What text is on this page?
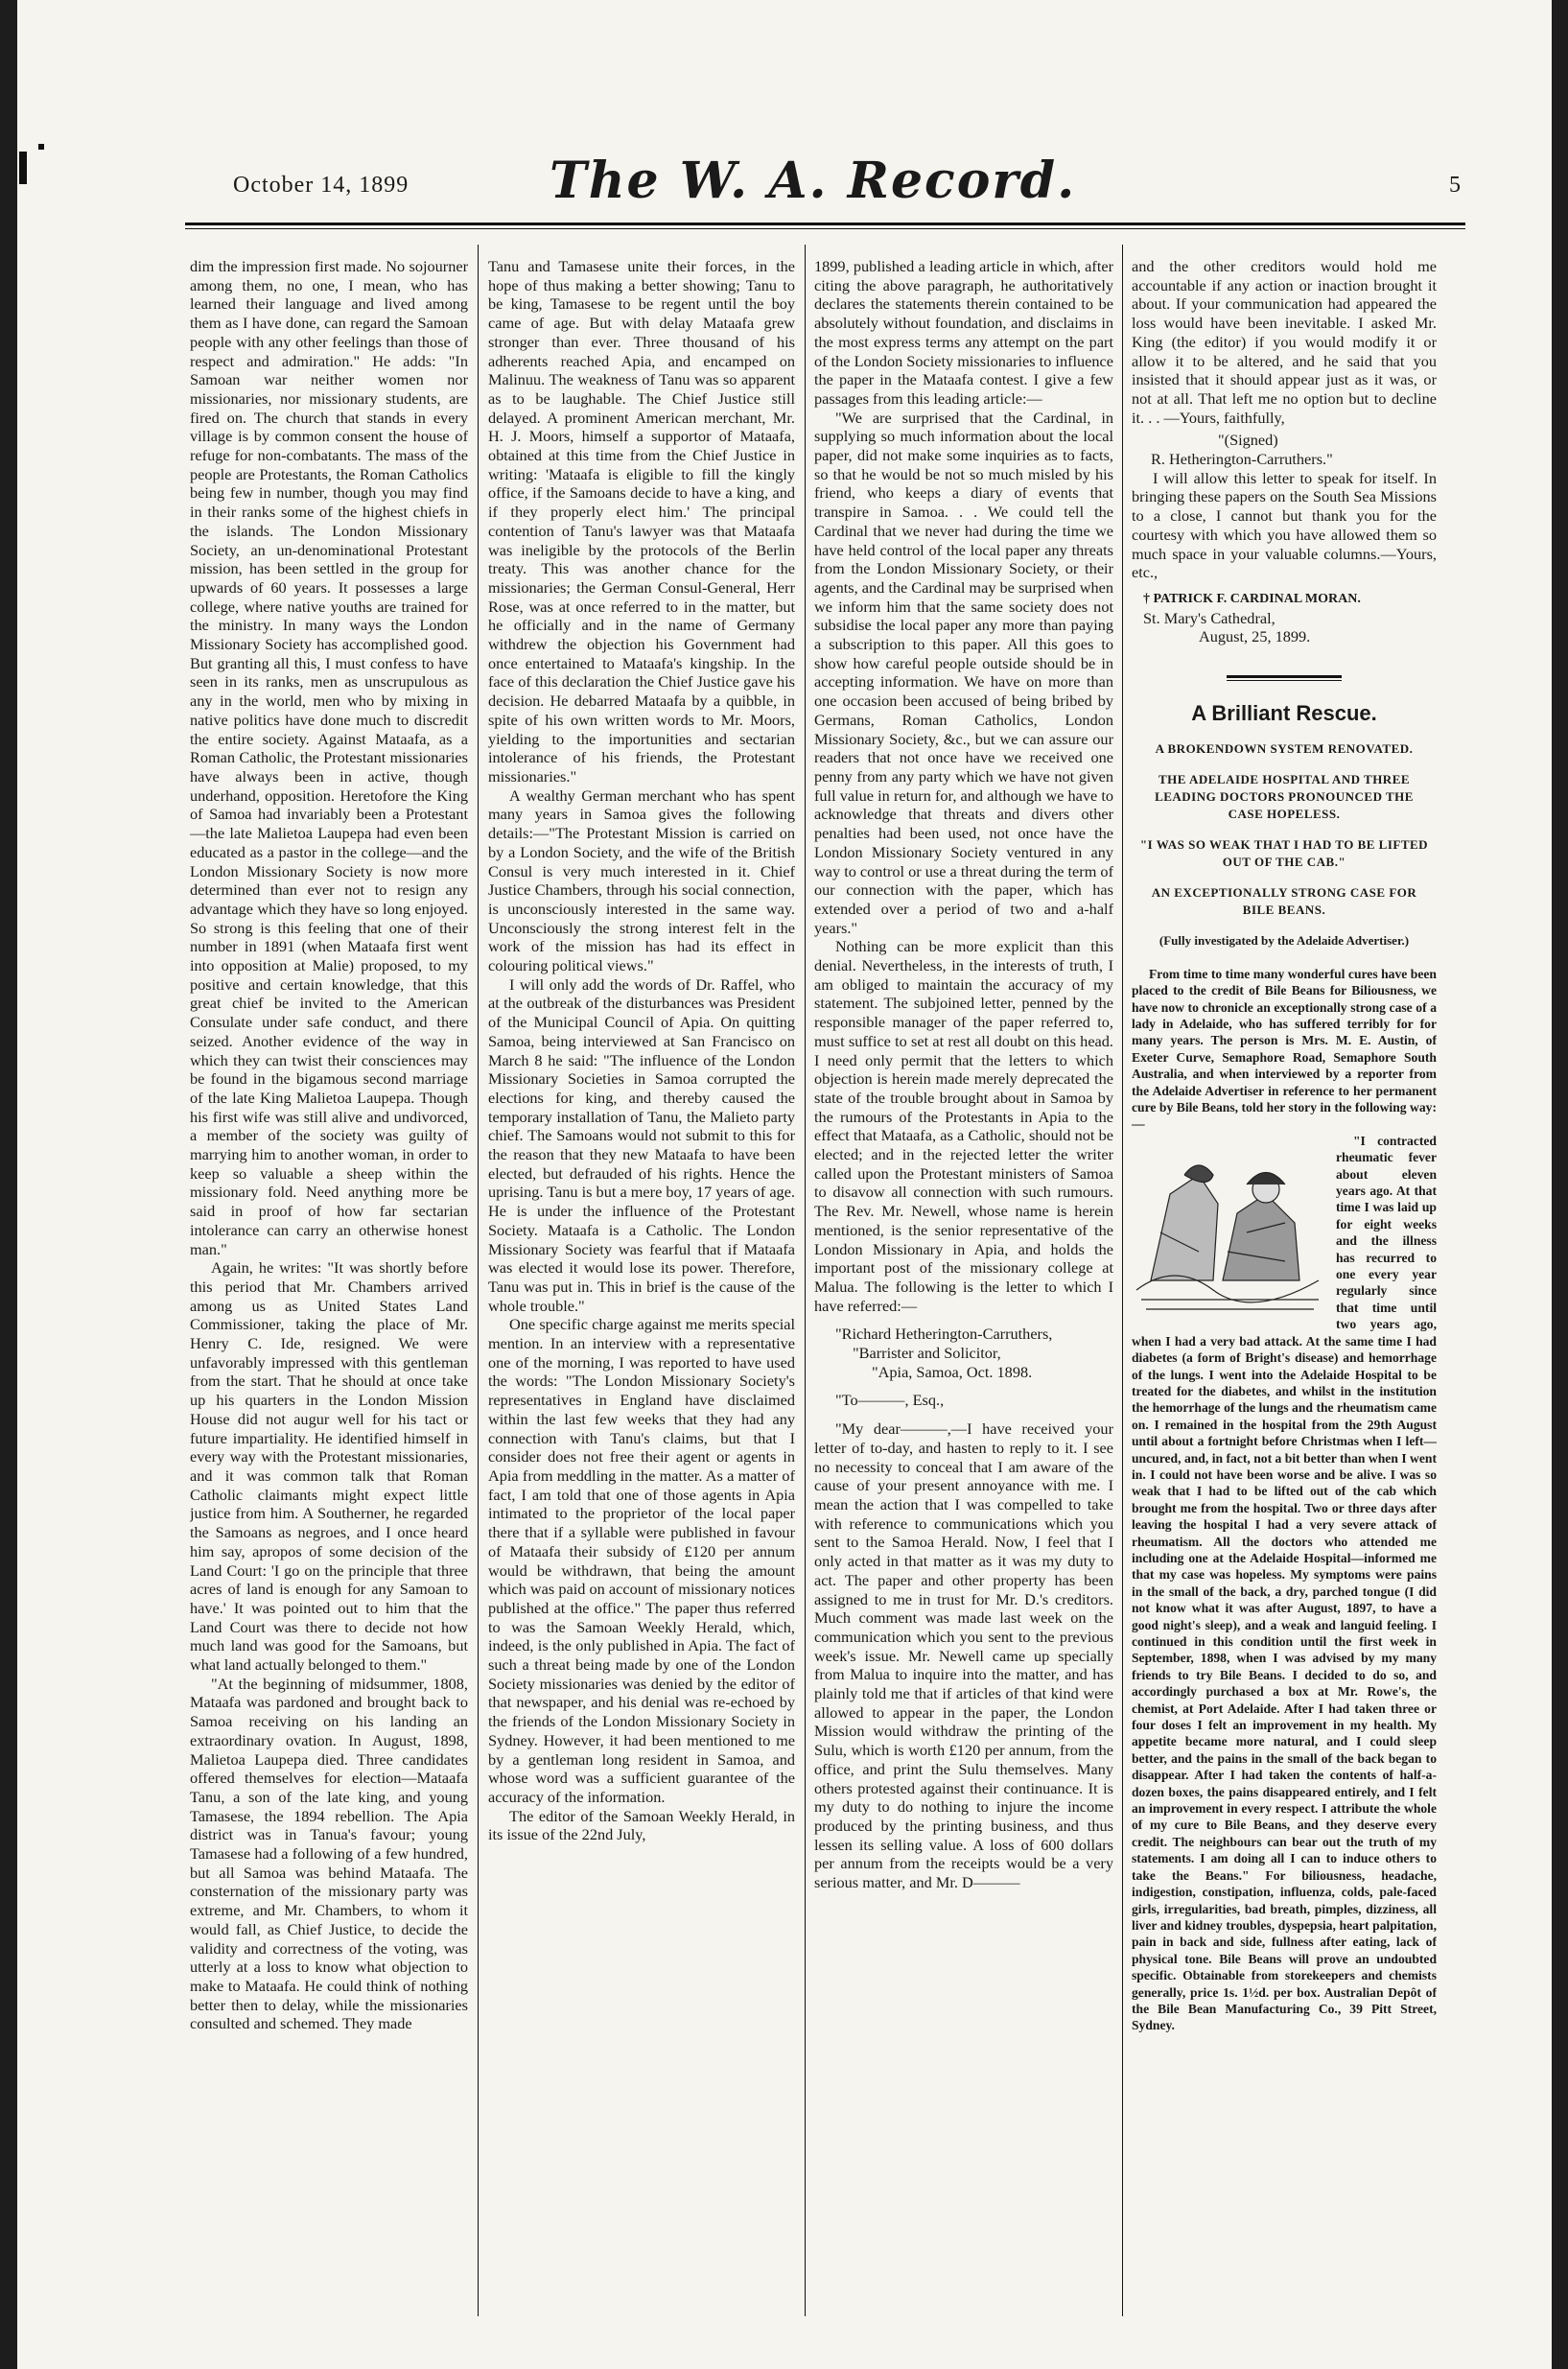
October 14, 1899	The W. A. Record.	5

dim the impression first made. No sojourner among them, no one, I mean, who has learned their language and lived among them as I have done, can regard the Samoan people with any other feelings than those of respect and admiration." He adds: "In Samoan war neither women nor missionaries, nor missionary students, are fired on. The church that stands in every village is by common consent the house of refuge for non-combatants. The mass of the people are Protestants, the Roman Catholics being few in number, though you may find in their ranks some of the highest chiefs in the islands. The London Missionary Society, an un-denominational Protestant mission, has been settled in the group for upwards of 60 years. It possesses a large college, where native youths are trained for the ministry. In many ways the London Missionary Society has accomplished good. But granting all this, I must confess to have seen in its ranks, men as unscrupulous as any in the world, men who by mixing in native politics have done much to discredit the entire society. Against Mataafa, as a Roman Catholic, the Protestant missionaries have always been in active, though underhand, opposition. Heretofore the King of Samoa had invariably been a Protestant—the late Malietoa Laupepa had even been educated as a pastor in the college—and the London Missionary Society is now more determined than ever not to resign any advantage which they have so long enjoyed. So strong is this feeling that one of their number in 1891 (when Mataafa first went into opposition at Malie) proposed, to my positive and certain knowledge, that this great chief be invited to the American Consulate under safe conduct, and there seized. Another evidence of the way in which they can twist their consciences may be found in the bigamous second marriage of the late King Malietoa Laupepa. Though his first wife was still alive and undivorced, a member of the society was guilty of marrying him to another woman, in order to keep so valuable a sheep within the missionary fold. Need anything more be said in proof of how far sectarian intolerance can carry an otherwise honest man."

Again, he writes: "It was shortly before this period that Mr. Chambers arrived among us as United States Land Commissioner, taking the place of Mr. Henry C. Ide, resigned. We were unfavorably impressed with this gentleman from the start. That he should at once take up his quarters in the London Mission House did not augur well for his tact or future impartiality. He identified himself in every way with the Protestant missionaries, and it was common talk that Roman Catholic claimants might expect little justice from him. A Southerner, he regarded the Samoans as negroes, and I once heard him say, apropos of some decision of the Land Court: 'I go on the principle that three acres of land is enough for any Samoan to have.' It was pointed out to him that the Land Court was there to decide not how much land was good for the Samoans, but what land actually belonged to them."

"At the beginning of midsummer, 1808, Mataafa was pardoned and brought back to Samoa receiving on his landing an extraordinary ovation. In August, 1898, Malietoa Laupepa died. Three candidates offered themselves for election—Mataafa Tanu, a son of the late king, and young Tamasese, the 1894 rebellion. The Apia district was in Tanua's favour; young Tamasese had a following of a few hundred, but all Samoa was behind Mataafa. The consternation of the missionary party was extreme, and Mr. Chambers, to whom it would fall, as Chief Justice, to decide the validity and correctness of the voting, was utterly at a loss to know what objection to make to Mataafa. He could think of nothing better then to delay, while the missionaries consulted and schemed. They made

Tanu and Tamasese unite their forces, in the hope of thus making a better showing; Tanu to be king, Tamasese to be regent until the boy came of age. But with delay Mataafa grew stronger than ever. Three thousand of his adherents reached Apia, and encamped on Malinuu. The weakness of Tanu was so apparent as to be laughable. The Chief Justice still delayed. A prominent American merchant, Mr. H. J. Moors, himself a supportor of Mataafa, obtained at this time from the Chief Justice in writing: 'Mataafa is eligible to fill the kingly office, if the Samoans decide to have a king, and if they properly elect him.' The principal contention of Tanu's lawyer was that Mataafa was ineligible by the protocols of the Berlin treaty. This was another chance for the missionaries; the German Consul-General, Herr Rose, was at once referred to in the matter, but he officially and in the name of Germany withdrew the objection his Government had once entertained to Mataafa's kingship. In the face of this declaration the Chief Justice gave his decision. He debarred Mataafa by a quibble, in spite of his own written words to Mr. Moors, yielding to the importunities and sectarian intolerance of his friends, the Protestant missionaries."

A wealthy German merchant who has spent many years in Samoa gives the following details:—"The Protestant Mission is carried on by a London Society, and the wife of the British Consul is very much interested in it. Chief Justice Chambers, through his social connection, is unconsciously interested in the same way. Unconsciously the strong interest felt in the work of the mission has had its effect in colouring political views."

I will only add the words of Dr. Raffel, who at the outbreak of the disturbances was President of the Municipal Council of Apia. On quitting Samoa, being interviewed at San Francisco on March 8 he said: "The influence of the London Missionary Societies in Samoa corrupted the elections for king, and thereby caused the temporary installation of Tanu, the Malieto party chief. The Samoans would not submit to this for the reason that they new Mataafa to have been elected, but defrauded of his rights. Hence the uprising. Tanu is but a mere boy, 17 years of age. He is under the influence of the Protestant Society. Mataafa is a Catholic. The London Missionary Society was fearful that if Mataafa was elected it would lose its power. Therefore, Tanu was put in. This in brief is the cause of the whole trouble."

One specific charge against me merits special mention. In an interview with a representative one of the morning, I was reported to have used the words: "The London Missionary Society's representatives in England have disclaimed within the last few weeks that they had any connection with Tanu's claims, but that I consider does not free their agent or agents in Apia from meddling in the matter. As a matter of fact, I am told that one of those agents in Apia intimated to the proprietor of the local paper there that if a syllable were published in favour of Mataafa their subsidy of £120 per annum would be withdrawn, that being the amount which was paid on account of missionary notices published at the office." The paper thus referred to was the Samoan Weekly Herald, which, indeed, is the only published in Apia. The fact of such a threat being made by one of the London Society missionaries was denied by the editor of that newspaper, and his denial was re-echoed by the friends of the London Missionary Society in Sydney. However, it had been mentioned to me by a gentleman long resident in Samoa, and whose word was a sufficient guarantee of the accuracy of the information.

The editor of the Samoan Weekly Herald, in its issue of the 22nd July,

1899, published a leading article in which, after citing the above paragraph, he authoritatively declares the statements therein contained to be absolutely without foundation, and disclaims in the most express terms any attempt on the part of the London Society missionaries to influence the paper in the Mataafa contest. I give a few passages from this leading article:—

"We are surprised that the Cardinal, in supplying so much information about the local paper, did not make some inquiries as to facts, so that he would be not so much misled by his friend, who keeps a diary of events that transpire in Samoa. . . We could tell the Cardinal that we never had during the time we have held control of the local paper any threats from the London Missionary Society, or their agents, and the Cardinal may be surprised when we inform him that the same society does not subsidise the local paper any more than paying a subscription to this paper. All this goes to show how careful people outside should be in accepting information. We have on more than one occasion been accused of being bribed by Germans, Roman Catholics, London Missionary Society, &c., but we can assure our readers that not once have we received one penny from any party which we have not given full value in return for, and although we have to acknowledge that threats and divers other penalties had been used, not once have the London Missionary Society ventured in any way to control or use a threat during the term of our connection with the paper, which has extended over a period of two and a-half years."

Nothing can be more explicit than this denial. Nevertheless, in the interests of truth, I am obliged to maintain the accuracy of my statement. The subjoined letter, penned by the responsible manager of the paper referred to, must suffice to set at rest all doubt on this head. I need only permit that the letters to which objection is herein made merely deprecated the state of the trouble brought about in Samoa by the rumours of the Protestants in Apia to the effect that Mataafa, as a Catholic, should not be elected; and in the rejected letter the writer called upon the Protestant ministers of Samoa to disavow all connection with such rumours. The Rev. Mr. Newell, whose name is herein mentioned, is the senior representative of the London Missionary in Apia, and holds the important post of the missionary college at Malua. The following is the letter to which I have referred:—

"Richard Hetherington-Carruthers,

"Barrister and Solicitor,

"Apia, Samoa, Oct. 1898.

"To———, Esq.,

"My dear———,—I have received your letter of to-day, and hasten to reply to it. I see no necessity to conceal that I am aware of the cause of your present annoyance with me. I mean the action that I was compelled to take with reference to communications which you sent to the Samoa Herald. Now, I feel that I only acted in that matter as it was my duty to act. The paper and other property has been assigned to me in trust for Mr. D.'s creditors. Much comment was made last week on the communication which you sent to the previous week's issue. Mr. Newell came up specially from Malua to inquire into the matter, and has plainly told me that if articles of that kind were allowed to appear in the paper, the London Mission would withdraw the printing of the Sulu, which is worth £120 per annum, from the office, and print the Sulu themselves. Many others protested against their continuance. It is my duty to do nothing to injure the income produced by the printing business, and thus lessen its selling value. A loss of 600 dollars per annum from the receipts would be a very serious matter, and Mr. D———

and the other creditors would hold me accountable if any action or inaction brought it about. If your communication had appeared the loss would have been inevitable. I asked Mr. King (the editor) if you would modify it or allow it to be altered, and he said that you insisted that it should appear just as it was, or not at all. That left me no option but to decline it. . . —Yours, faithfully,

"(Signed)

R. Hetherington-Carruthers."

I will allow this letter to speak for itself. In bringing these papers on the South Sea Missions to a close, I cannot but thank you for the courtesy with which you have allowed them so much space in your valuable columns.—Yours, etc.,

† PATRICK F. CARDINAL MORAN.

St. Mary's Cathedral,

August, 25, 1899.

A Brilliant Rescue.
A BROKENDOWN SYSTEM RENOVATED.
THE ADELAIDE HOSPITAL AND THREE LEADING DOCTORS PRONOUNCED THE CASE HOPELESS.
"I WAS SO WEAK THAT I HAD TO BE LIFTED OUT OF THE CAB."
AN EXCEPTIONALLY STRONG CASE FOR BILE BEANS.
(Fully investigated by the Adelaide Advertiser.)

From time to time many wonderful cures have been placed to the credit of Bile Beans for Biliousness, we have now to chronicle an exceptionally strong case of a lady in Adelaide, who has suffered terribly for for many years. The person is Mrs. M. E. Austin, of Exeter Curve, Semaphore Road, Semaphore South Australia, and when interviewed by a reporter from the Adelaide Advertiser in reference to her permanent cure by Bile Beans, told her story in the following way:—

"I contracted rheumatic fever about eleven years ago. At that time I was laid up for eight weeks and the illness has recurred to one every year regularly since that time until two years ago, when I had a very bad attack. At the same time I had diabetes (a form of Bright's disease) and hemorrhage of the lungs. I went into the Adelaide Hospital to be treated for the diabetes, and whilst in the institution the hemorrhage of the lungs and the rheumatism came on. I remained in the hospital from the 29th August until about a fortnight before Christmas when I left—uncured, and, in fact, not a bit better than when I went in. I could not have been worse and be alive. I was so weak that I had to be lifted out of the cab which brought me from the hospital. Two or three days after leaving the hospital I had a very severe attack of rheumatism. All the doctors who attended me including one at the Adelaide Hospital—informed me that my case was hopeless. My symptoms were pains in the small of the back, a dry, parched tongue (I did not know what it was after August, 1897, to have a good night's sleep), and a weak and languid feeling. I continued in this condition until the first week in September, 1898, when I was advised by my many friends to try Bile Beans. I decided to do so, and accordingly purchased a box at Mr. Rowe's, the chemist, at Port Adelaide. After I had taken three or four doses I felt an improvement in my health. My appetite became more natural, and I could sleep better, and the pains in the small of the back began to disappear. After I had taken the contents of half-a-dozen boxes, the pains disappeared entirely, and I felt an improvement in every respect. I attribute the whole of my cure to Bile Beans, and they deserve every credit. The neighbours can bear out the truth of my statements. I am doing all I can to induce others to take the Beans." For biliousness, headache, indigestion, constipation, influenza, colds, pale-faced girls, irregularities, bad breath, pimples, dizziness, all liver and kidney troubles, dyspepsia, heart palpitation, pain in back and side, fullness after eating, lack of physical tone. Bile Beans will prove an undoubted specific. Obtainable from storekeepers and chemists generally, price 1s. 1½d. per box. Australian Depôt of the Bile Bean Manufacturing Co., 39 Pitt Street, Sydney.
